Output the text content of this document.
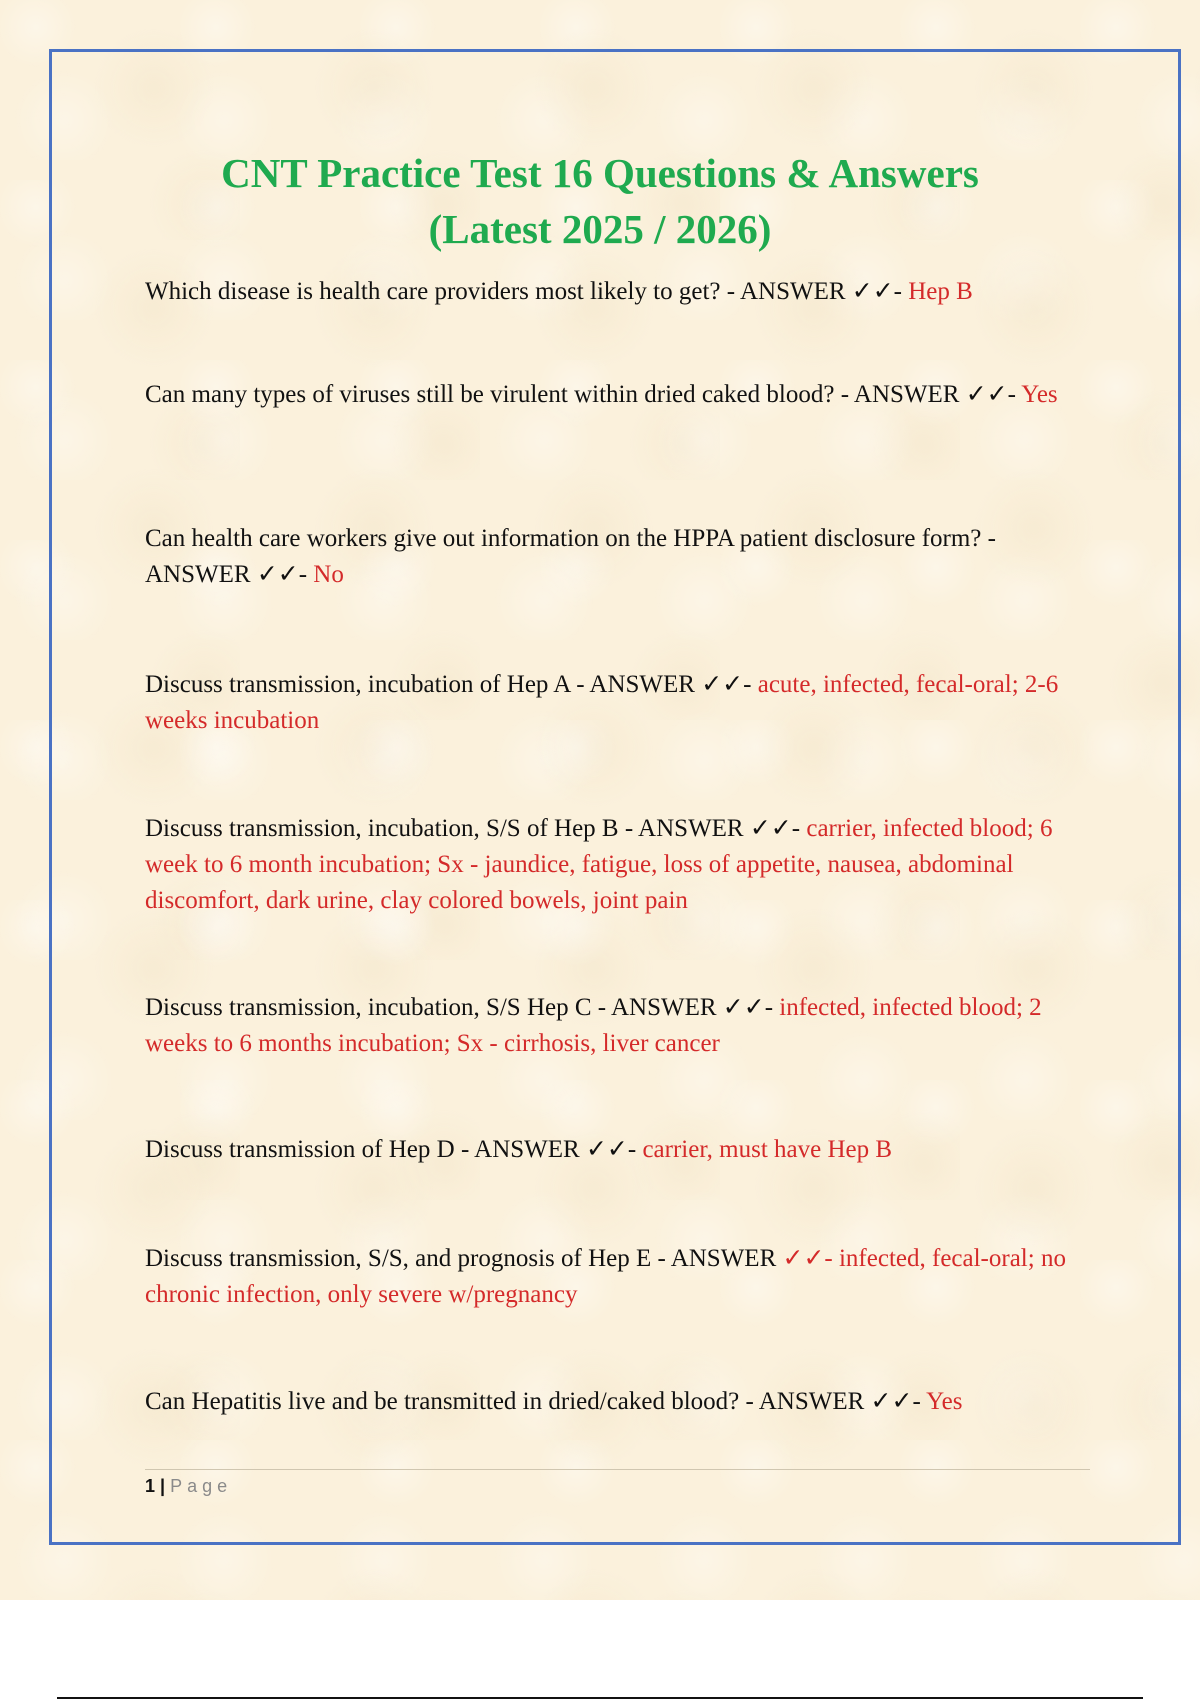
CNT Practice Test 16 Questions & Answers
(Latest 2025 / 2026)
Which disease is health care providers most likely to get? - ANSWER ✓✓- Hep B
Can many types of viruses still be virulent within dried caked blood? - ANSWER ✓✓- Yes
Can health care workers give out information on the HPPA patient disclosure form? - ANSWER ✓✓- No
Discuss transmission, incubation of Hep A - ANSWER ✓✓- acute, infected, fecal-oral; 2-6 weeks incubation
Discuss transmission, incubation, S/S of Hep B - ANSWER ✓✓- carrier, infected blood; 6 week to 6 month incubation; Sx - jaundice, fatigue, loss of appetite, nausea, abdominal discomfort, dark urine, clay colored bowels, joint pain
Discuss transmission, incubation, S/S Hep C - ANSWER ✓✓- infected, infected blood; 2 weeks to 6 months incubation; Sx - cirrhosis, liver cancer
Discuss transmission of Hep D - ANSWER ✓✓- carrier, must have Hep B
Discuss transmission, S/S, and prognosis of Hep E - ANSWER ✓✓- infected, fecal-oral; no chronic infection, only severe w/pregnancy
Can Hepatitis live and be transmitted in dried/caked blood? - ANSWER ✓✓- Yes
1 | Page
